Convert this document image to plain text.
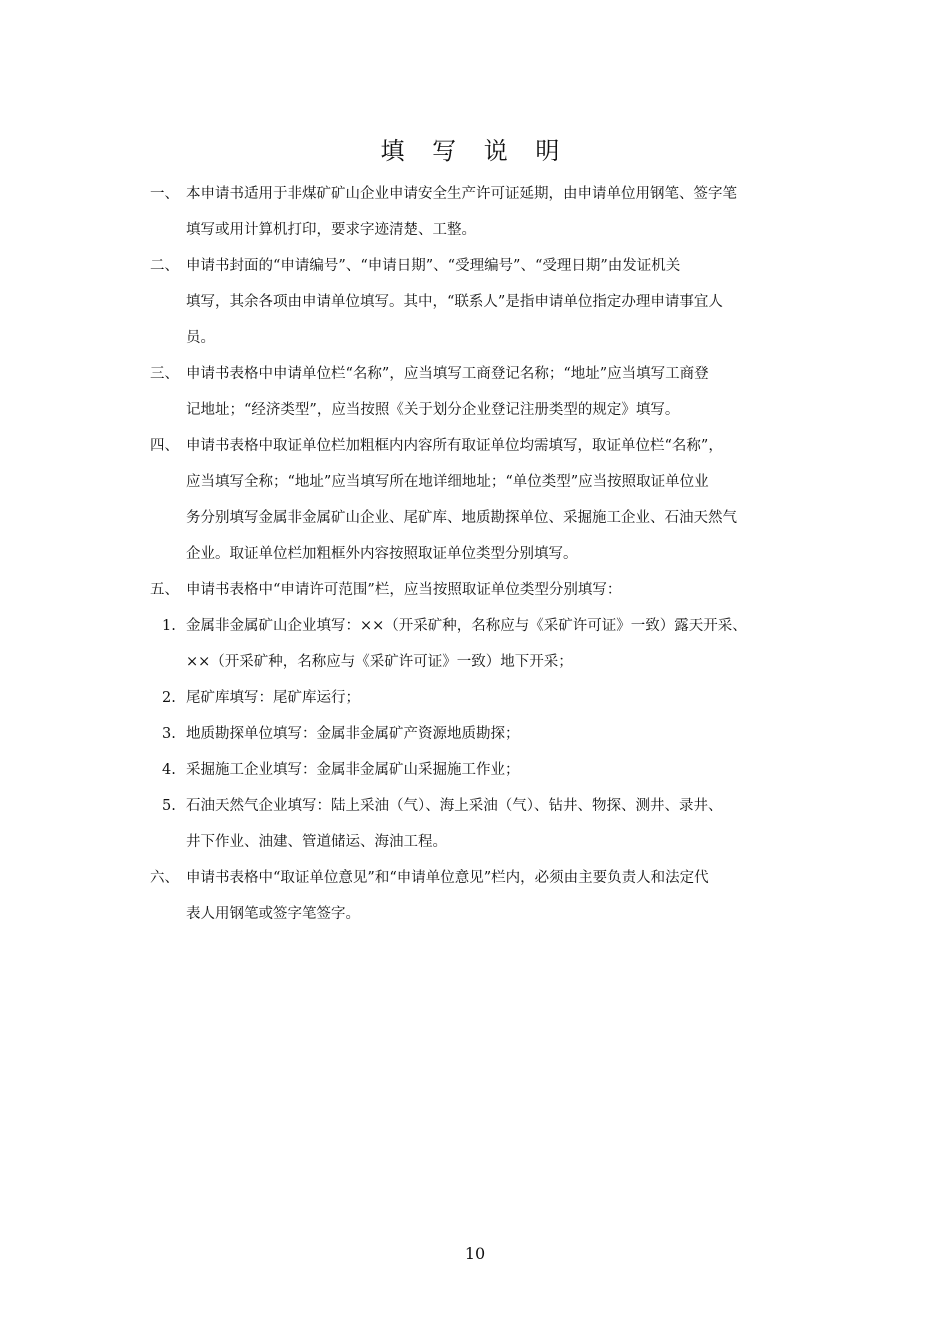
填 写 说 明
一、 本申请书适用于非煤矿矿山企业申请安全生产许可证延期，由申请单位用钢笔、签字笔
填写或用计算机打印，要求字迹清楚、工整。
二、 申请书封面的“申请编号”、“申请日期”、“受理编号”、“受理日期”由发证机关
填写，其余各项由申请单位填写。其中，“联系人”是指申请单位指定办理申请事宜人
员。
三、 申请书表格中申请单位栏“名称”，应当填写工商登记名称；“地址”应当填写工商登
记地址；“经济类型”，应当按照《关于划分企业登记注册类型的规定》填写。
四、 申请书表格中取证单位栏加粗框内内容所有取证单位均需填写，取证单位栏“名称”，
应当填写全称；“地址”应当填写所在地详细地址；“单位类型”应当按照取证单位业
务分别填写金属非金属矿山企业、尾矿库、地质勘探单位、采掘施工企业、石油天然气
企业。取证单位栏加粗框外内容按照取证单位类型分别填写。
五、 申请书表格中“申请许可范围”栏，应当按照取证单位类型分别填写：
1. 金属非金属矿山企业填写：××（开采矿种，名称应与《采矿许可证》一致）露天开采、
××（开采矿种，名称应与《采矿许可证》一致）地下开采；
2. 尾矿库填写：尾矿库运行；
3. 地质勘探单位填写：金属非金属矿产资源地质勘探；
4. 采掘施工企业填写：金属非金属矿山采掘施工作业；
5. 石油天然气企业填写：陆上采油（气）、海上采油（气）、钻井、物探、测井、录井、
井下作业、油建、管道储运、海油工程。
六、 申请书表格中“取证单位意见”和“申请单位意见”栏内，必须由主要负责人和法定代
表人用钢笔或签字笔签字。
10
